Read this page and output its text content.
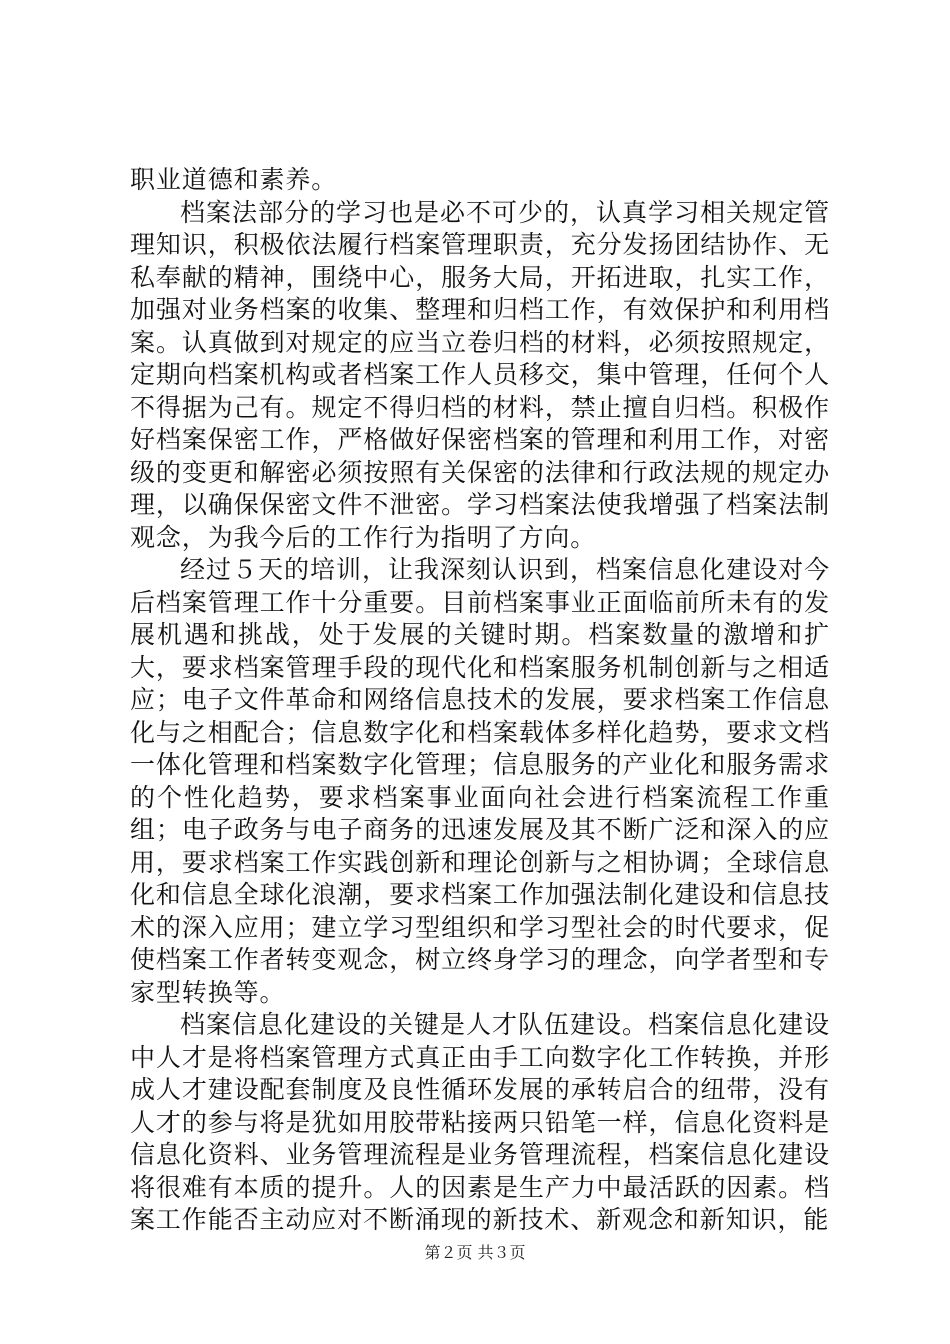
职业道德和素养。

档案法部分的学习也是必不可少的，认真学习相关规定管理知识，积极依法履行档案管理职责，充分发扬团结协作、无私奉献的精神，围绕中心，服务大局，开拓进取，扎实工作，加强对业务档案的收集、整理和归档工作，有效保护和利用档案。认真做到对规定的应当立卷归档的材料，必须按照规定，定期向档案机构或者档案工作人员移交，集中管理，任何个人不得据为己有。规定不得归档的材料，禁止擅自归档。积极作好档案保密工作，严格做好保密档案的管理和利用工作，对密级的变更和解密必须按照有关保密的法律和行政法规的规定办理，以确保保密文件不泄密。学习档案法使我增强了档案法制观念，为我今后的工作行为指明了方向。

经过５天的培训，让我深刻认识到，档案信息化建设对今后档案管理工作十分重要。目前档案事业正面临前所未有的发展机遇和挑战，处于发展的关键时期。档案数量的激增和扩大，要求档案管理手段的现代化和档案服务机制创新与之相适应；电子文件革命和网络信息技术的发展，要求档案工作信息化与之相配合；信息数字化和档案载体多样化趋势，要求文档一体化管理和档案数字化管理；信息服务的产业化和服务需求的个性化趋势，要求档案事业面向社会进行档案流程工作重组；电子政务与电子商务的迅速发展及其不断广泛和深入的应用，要求档案工作实践创新和理论创新与之相协调；全球信息化和信息全球化浪潮，要求档案工作加强法制化建设和信息技术的深入应用；建立学习型组织和学习型社会的时代要求，促使档案工作者转变观念，树立终身学习的理念，向学者型和专家型转换等。

档案信息化建设的关键是人才队伍建设。档案信息化建设中人才是将档案管理方式真正由手工向数字化工作转换，并形成人才建设配套制度及良性循环发展的承转启合的纽带，没有人才的参与将是犹如用胶带粘接两只铅笔一样，信息化资料是信息化资料、业务管理流程是业务管理流程，档案信息化建设将很难有本质的提升。人的因素是生产力中最活跃的因素。档案工作能否主动应对不断涌现的新技术、新观念和新知识，能

第２页 共３页
